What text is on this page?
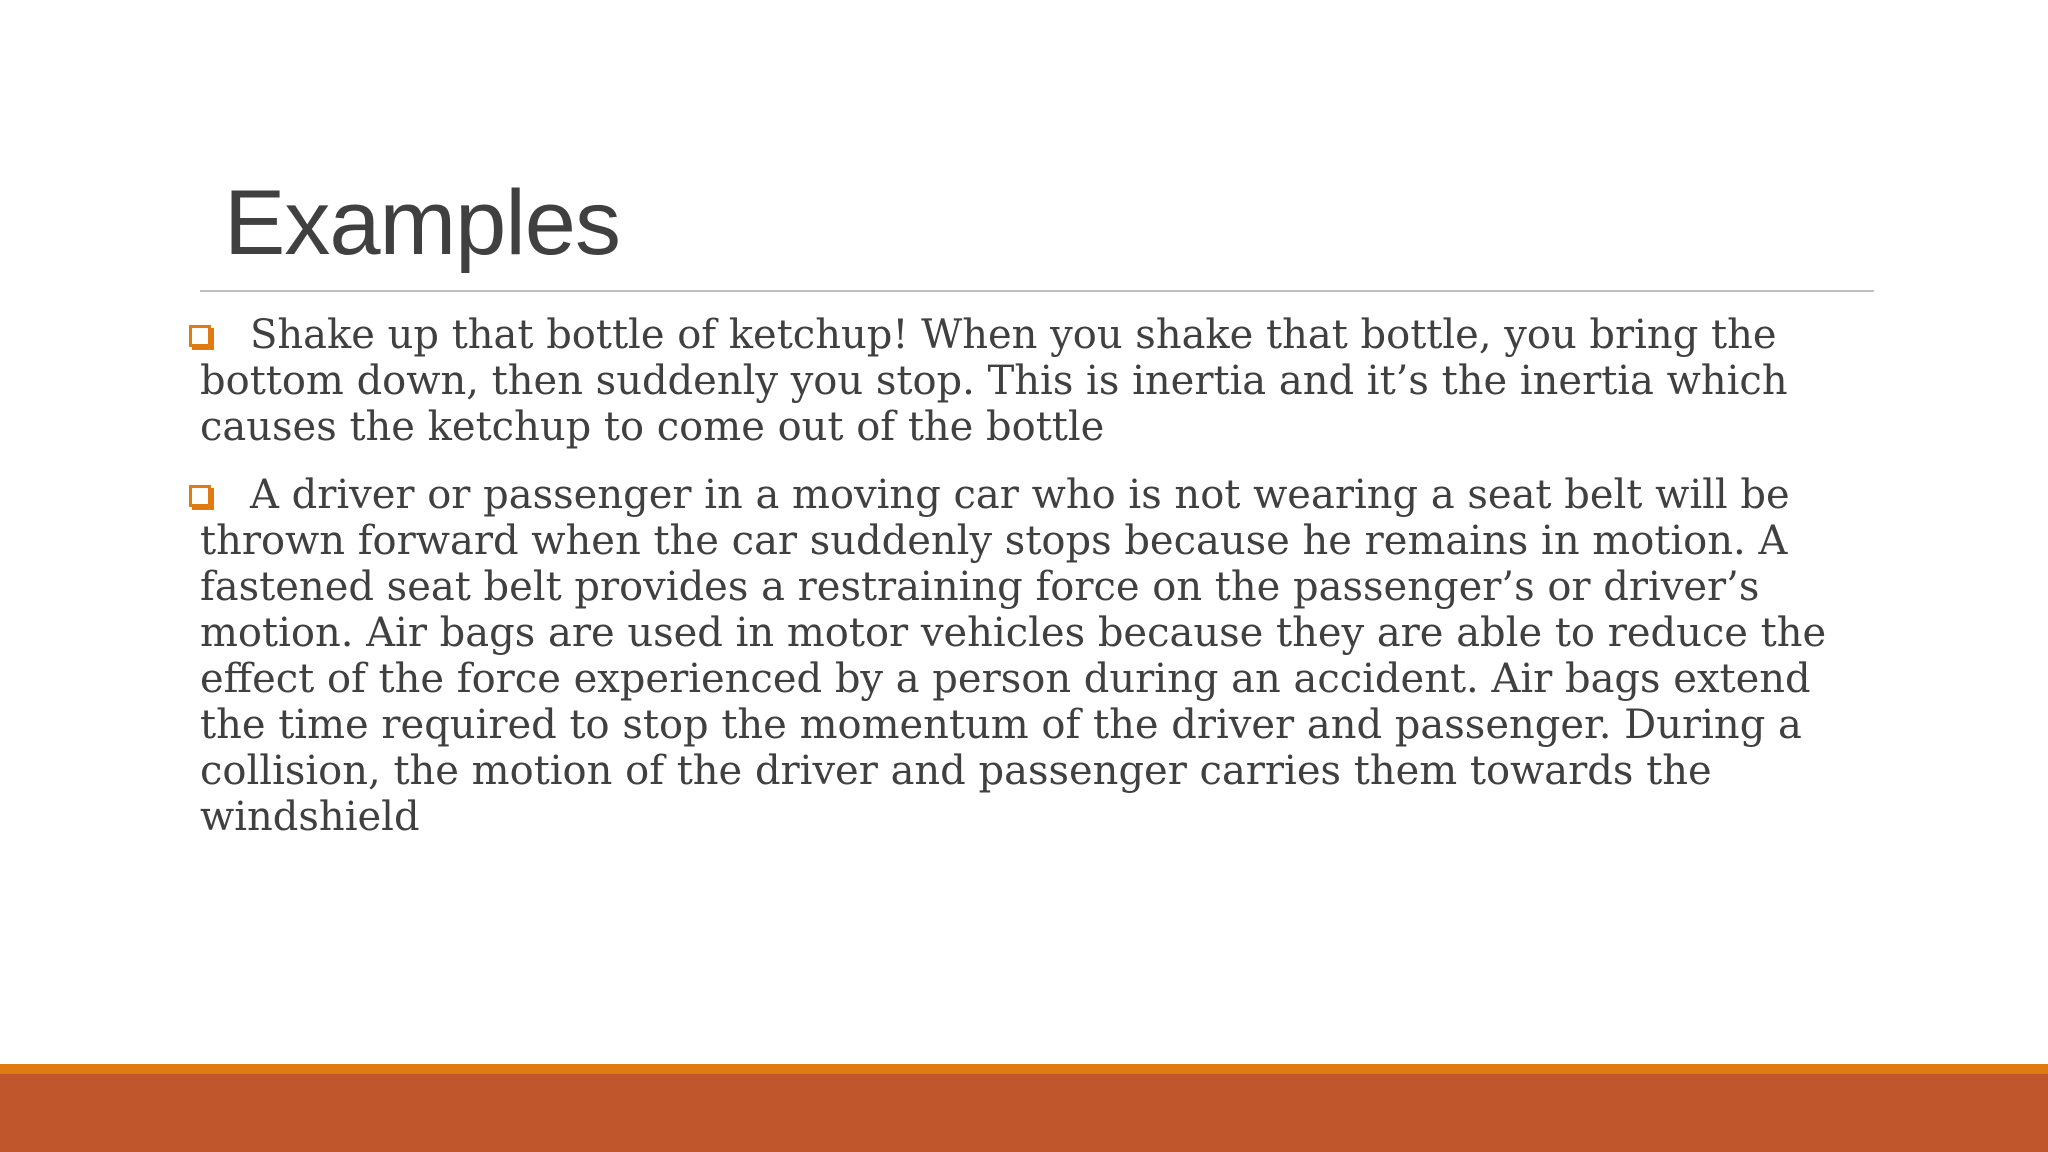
Examples

Shake up that bottle of ketchup! When you shake that bottle, you bring the bottom down, then suddenly you stop. This is inertia and it’s the inertia which causes the ketchup to come out of the bottle

A driver or passenger in a moving car who is not wearing a seat belt will be thrown forward when the car suddenly stops because he remains in motion. A fastened seat belt provides a restraining force on the passenger’s or driver’s motion. Air bags are used in motor vehicles because they are able to reduce the effect of the force experienced by a person during an accident. Air bags extend the time required to stop the momentum of the driver and passenger. During a collision, the motion of the driver and passenger carries them towards the windshield
